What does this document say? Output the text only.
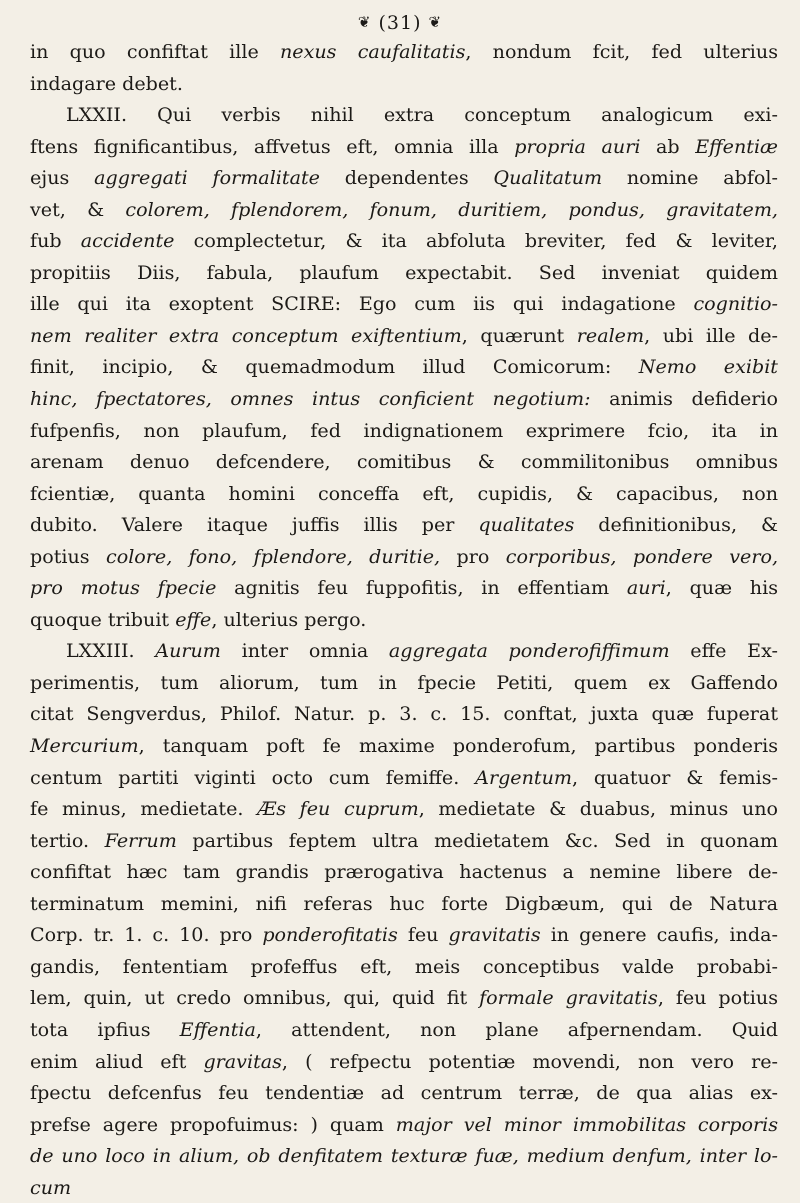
❦ (31) ❦
in quo confiftat ille nexus caufalitatis, nondum fcit, fed ulterius
indagare debet.
LXXII. Qui verbis nihil extra conceptum analogicum exi-
ftens fignificantibus, affvetus eft, omnia illa propria auri ab Effentiæ
ejus aggregati formalitate dependentes Qualitatum nomine abfol-
vet, & colorem, fplendorem, fonum, duritiem, pondus, gravitatem,
fub accidente complectetur, & ita abfoluta breviter, fed & leviter,
propitiis Diis, fabula, plaufum expectabit. Sed inveniat quidem
ille qui ita exoptent SCIRE: Ego cum iis qui indagatione cognitio-
nem realiter extra conceptum exiftentium, quærunt realem, ubi ille de-
finit, incipio, & quemadmodum illud Comicorum: Nemo exibit
hinc, fpectatores, omnes intus conficient negotium: animis defiderio
fufpenfis, non plaufum, fed indignationem exprimere fcio, ita in
arenam denuo defcendere, comitibus & commilitonibus omnibus
fcientiæ, quanta homini conceffa eft, cupidis, & capacibus, non
dubito. Valere itaque juffis illis per qualitates definitionibus, &
potius colore, fono, fplendore, duritie, pro corporibus, pondere vero,
pro motus fpecie agnitis feu fuppofitis, in effentiam auri, quæ his
quoque tribuit effe, ulterius pergo.
LXXIII. Aurum inter omnia aggregata ponderofiffimum effe Ex-
perimentis, tum aliorum, tum in fpecie Petiti, quem ex Gaffendo
citat Sengverdus, Philof. Natur. p. 3. c. 15. conftat, juxta quæ fuperat
Mercurium, tanquam poft fe maxime ponderofum, partibus ponderis
centum partiti viginti octo cum femiffe. Argentum, quatuor & femis-
fe minus, medietate. Æs feu cuprum, medietate & duabus, minus uno
tertio. Ferrum partibus feptem ultra medietatem &c. Sed in quonam
confiftat hæc tam grandis prærogativa hactenus a nemine libere de-
terminatum memini, nifi referas huc forte Digbæum, qui de Natura
Corp. tr. 1. c. 10. pro ponderofitatis feu gravitatis in genere caufis, inda-
gandis, fententiam profeffus eft, meis conceptibus valde probabi-
lem, quin, ut credo omnibus, qui, quid fit formale gravitatis, feu potius
tota ipfius Effentia, attendent, non plane afpernendam. Quid
enim aliud eft gravitas, ( refpectu potentiæ movendi, non vero re-
fpectu defcenfus feu tendentiæ ad centrum terræ, de qua alias ex-
prefse agere propofuimus: ) quam major vel minor immobilitas corporis
de uno loco in alium, ob denfitatem texturæ fuæ, medium denfum, inter lo-
cum
